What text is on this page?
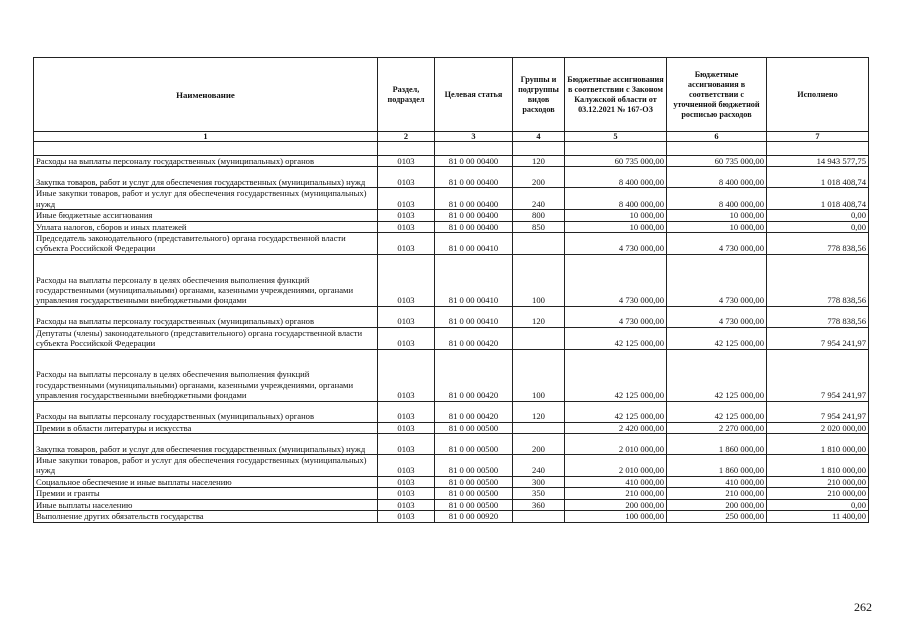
Наименование	Раздел, подраздел	Целевая статья	Группы и подгруппы видов расходов	Бюджетные ассигнования в соответствии с Законом Калужской области от 03.12.2021 № 167-ОЗ	Бюджетные ассигнования в соответствии с уточненной бюджетной росписью расходов	Исполнено
1	2	3	4	5	6	7

Расходы на выплаты персоналу государственных (муниципальных) органов	0103	81 0 00 00400	120	60 735 000,00	60 735 000,00	14 943 577,75
Закупка товаров, работ и услуг для обеспечения государственных (муниципальных) нужд	0103	81 0 00 00400	200	8 400 000,00	8 400 000,00	1 018 408,74
Иные закупки товаров, работ и услуг для обеспечения государственных (муниципальных) нужд	0103	81 0 00 00400	240	8 400 000,00	8 400 000,00	1 018 408,74
Иные бюджетные ассигнования	0103	81 0 00 00400	800	10 000,00	10 000,00	0,00
Уплата налогов, сборов и иных платежей	0103	81 0 00 00400	850	10 000,00	10 000,00	0,00
Председатель законодательного (представительного) органа государственной власти субъекта Российской Федерации	0103	81 0 00 00410		4 730 000,00	4 730 000,00	778 838,56
Расходы на выплаты персоналу в целях обеспечения выполнения функций государственными (муниципальными) органами, казенными учреждениями, органами управления государственными внебюджетными фондами	0103	81 0 00 00410	100	4 730 000,00	4 730 000,00	778 838,56
Расходы на выплаты персоналу государственных (муниципальных) органов	0103	81 0 00 00410	120	4 730 000,00	4 730 000,00	778 838,56
Депутаты (члены) законодательного (представительного) органа государственной власти субъекта Российской Федерации	0103	81 0 00 00420		42 125 000,00	42 125 000,00	7 954 241,97
Расходы на выплаты персоналу в целях обеспечения выполнения функций государственными (муниципальными) органами, казенными учреждениями, органами управления государственными внебюджетными фондами	0103	81 0 00 00420	100	42 125 000,00	42 125 000,00	7 954 241,97
Расходы на выплаты персоналу государственных (муниципальных) органов	0103	81 0 00 00420	120	42 125 000,00	42 125 000,00	7 954 241,97
Премии в области литературы и искусства	0103	81 0 00 00500		2 420 000,00	2 270 000,00	2 020 000,00
Закупка товаров, работ и услуг для обеспечения государственных (муниципальных) нужд	0103	81 0 00 00500	200	2 010 000,00	1 860 000,00	1 810 000,00
Иные закупки товаров, работ и услуг для обеспечения государственных (муниципальных) нужд	0103	81 0 00 00500	240	2 010 000,00	1 860 000,00	1 810 000,00
Социальное обеспечение и иные выплаты населению	0103	81 0 00 00500	300	410 000,00	410 000,00	210 000,00
Премии и гранты	0103	81 0 00 00500	350	210 000,00	210 000,00	210 000,00
Иные выплаты населению	0103	81 0 00 00500	360	200 000,00	200 000,00	0,00
Выполнение других обязательств государства	0103	81 0 00 00920		100 000,00	250 000,00	11 400,00
262
